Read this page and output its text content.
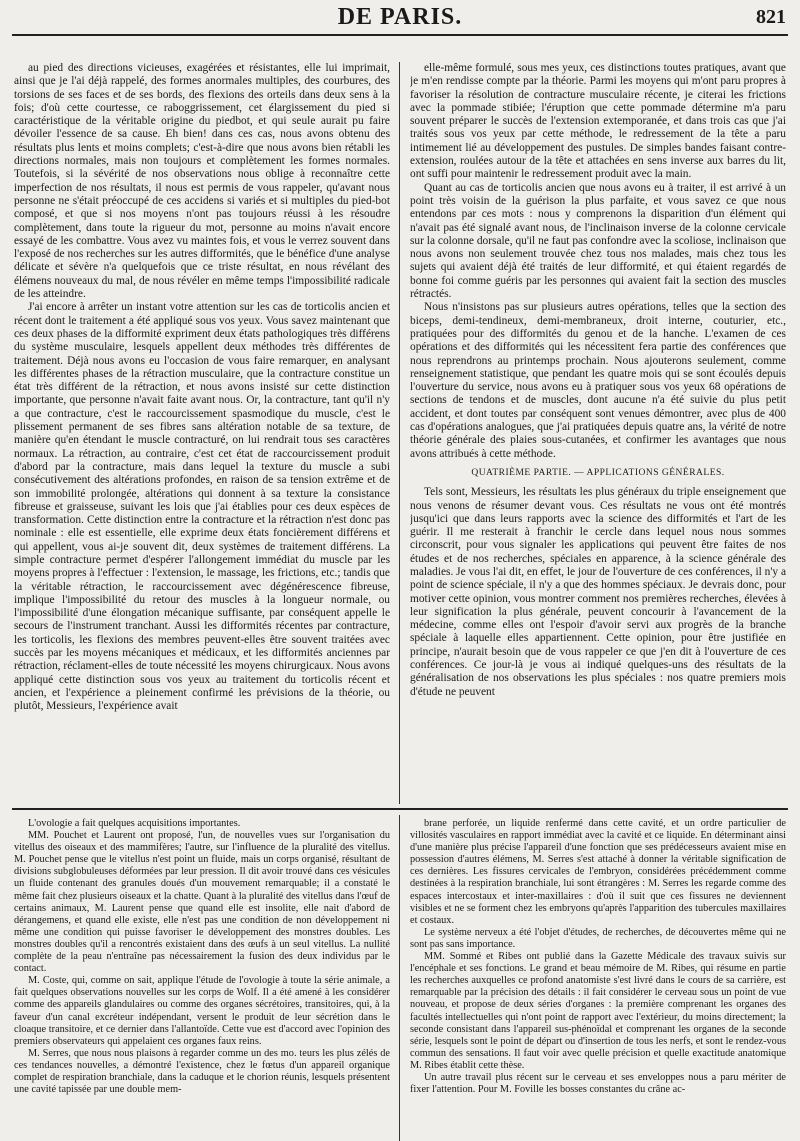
DE PARIS.	821

au pied des directions vicieuses, exagérées et résistantes, elle lui imprimait, ainsi que je l'ai déjà rappelé, des formes anormales multiples, des courbures, des torsions de ses faces et de ses bords, des flexions des orteils dans deux sens à la fois; d'où cette courtesse, ce raboggrissement, cet élargissement du pied si caractéristique de la véritable origine du piedbot, et qui seule aurait pu faire dévoiler l'essence de sa cause. Eh bien! dans ces cas, nous avons obtenu des résultats plus lents et moins complets; c'est-à-dire que nous avons bien rétabli les directions normales, mais non toujours et complètement les formes normales. Toutefois, si la sévérité de nos observations nous oblige à reconnaître cette imperfection de nos résultats, il nous est permis de vous rappeler, qu'avant nous personne ne s'était préoccupé de ces accidens si variés et si multiples du pied-bot composé, et que si nos moyens n'ont pas toujours réussi à les résoudre complètement, dans toute la rigueur du mot, personne au moins n'avait encore essayé de les combattre. Vous avez vu maintes fois, et vous le verrez souvent dans l'exposé de nos recherches sur les autres difformités, que le bénéfice d'une analyse délicate et sévère n'a quelquefois que ce triste résultat, en nous révélant des élémens nouveaux du mal, de nous révéler en même temps l'impossibilité radicale de les atteindre.

J'ai encore à arrêter un instant votre attention sur les cas de torticolis ancien et récent dont le traitement a été appliqué sous vos yeux. Vous savez maintenant que ces deux phases de la difformité expriment deux états pathologiques très différens du système musculaire, lesquels appellent deux méthodes très différentes de traitement. Déjà nous avons eu l'occasion de vous faire remarquer, en analysant les différentes phases de la rétraction musculaire, que la contracture constitue un état très différent de la rétraction, et nous avons insisté sur cette distinction importante, que personne n'avait faite avant nous. Or, la contracture, tant qu'il n'y a que contracture, c'est le raccourcissement spasmodique du muscle, c'est le plissement permanent de ses fibres sans altération notable de sa texture, de manière qu'en étendant le muscle contracturé, on lui rendrait tous ses caractères normaux. La rétraction, au contraire, c'est cet état de raccourcissement produit d'abord par la contracture, mais dans lequel la texture du muscle a subi consécutivement des altérations profondes, en raison de sa tension extrême et de son immobilité prolongée, altérations qui donnent à sa texture la consistance fibreuse et graisseuse, suivant les lois que j'ai établies pour ces deux espèces de transformation. Cette distinction entre la contracture et la rétraction n'est donc pas nominale : elle est essentielle, elle exprime deux états foncièrement différens et qui appellent, vous ai-je souvent dit, deux systèmes de traitement différens. La simple contracture permet d'espérer l'allongement immédiat du muscle par les moyens propres à l'effectuer : l'extension, le massage, les frictions, etc.; tandis que la véritable rétraction, le raccourcissement avec dégénérescence fibreuse, implique l'impossibilité du retour des muscles à la longueur normale, ou l'impossibilité d'une élongation mécanique suffisante, par conséquent appelle le secours de l'instrument tranchant. Aussi les difformités récentes par contracture, les torticolis, les flexions des membres peuvent-elles être souvent traitées avec succès par les moyens mécaniques et médicaux, et les difformités anciennes par rétraction, réclament-elles de toute nécessité les moyens chirurgicaux. Nous avons appliqué cette distinction sous vos yeux au traitement du torticolis récent et ancien, et l'expérience a pleinement confirmé les prévisions de la théorie, ou plutôt, Messieurs, l'expérience avait

elle-même formulé, sous mes yeux, ces distinctions toutes pratiques, avant que je m'en rendisse compte par la théorie. Parmi les moyens qui m'ont paru propres à favoriser la résolution de contracture musculaire récente, je citerai les frictions avec la pommade stibiée; l'éruption que cette pommade détermine m'a paru souvent préparer le succès de l'extension extemporanée, et dans trois cas que j'ai traités sous vos yeux par cette méthode, le redressement de la tête a paru intimement lié au développement des pustules. De simples bandes faisant contre-extension, roulées autour de la tête et attachées en sens inverse aux barres du lit, ont suffi pour maintenir le redressement produit avec la main.

Quant au cas de torticolis ancien que nous avons eu à traiter, il est arrivé à un point très voisin de la guérison la plus parfaite, et vous savez ce que nous entendons par ces mots : nous y comprenons la disparition d'un élément qui n'avait pas été signalé avant nous, de l'inclinaison inverse de la colonne cervicale sur la colonne dorsale, qu'il ne faut pas confondre avec la scoliose, inclinaison que nous avons non seulement trouvée chez tous nos malades, mais chez tous les sujets qui avaient déjà été traités de leur difformité, et qui étaient regardés de bonne foi comme guéris par les personnes qui avaient fait la section des muscles rétractés.

Nous n'insistons pas sur plusieurs autres opérations, telles que la section des biceps, demi-tendineux, demi-membraneux, droit interne, couturier, etc., pratiquées pour des difformités du genou et de la hanche. L'examen de ces opérations et des difformités qui les nécessitent fera partie des conférences que nous reprendrons au printemps prochain. Nous ajouterons seulement, comme renseignement statistique, que pendant les quatre mois qui se sont écoulés depuis l'ouverture du service, nous avons eu à pratiquer sous vos yeux 68 opérations de sections de tendons et de muscles, dont aucune n'a été suivie du plus petit accident, et dont toutes par conséquent sont venues démontrer, avec plus de 400 cas d'opérations analogues, que j'ai pratiquées depuis quatre ans, la vérité de notre théorie générale des plaies sous-cutanées, et confirmer les avantages que nous avons attribués à cette méthode.

QUATRIÈME PARTIE. — APPLICATIONS GÉNÉRALES.

Tels sont, Messieurs, les résultats les plus généraux du triple enseignement que nous venons de résumer devant vous. Ces résultats ne vous ont été montrés jusqu'ici que dans leurs rapports avec la science des difformités et l'art de les guérir. Il me resterait à franchir le cercle dans lequel nous nous sommes circonscrit, pour vous signaler les applications qui peuvent être faites de nos études et de nos recherches, spéciales en apparence, à la science générale des maladies. Je vous l'ai dit, en effet, le jour de l'ouverture de ces conférences, il n'y a point de science spéciale, il n'y a que des hommes spéciaux. Je devrais donc, pour motiver cette opinion, vous montrer comment nos premières recherches, élevées à leur signification la plus générale, peuvent concourir à l'avancement de la médecine, comme elles ont l'espoir d'avoir servi aux progrès de la branche spéciale à laquelle elles appartiennent. Cette opinion, pour être justifiée en principe, n'aurait besoin que de vous rappeler ce que j'en dit à l'ouverture de ces conférences. Ce jour-là je vous ai indiqué quelques-uns des résultats de la généralisation de nos observations les plus spéciales : nos quatre premiers mois d'étude ne peuvent

L'ovologie a fait quelques acquisitions importantes.

MM. Pouchet et Laurent ont proposé, l'un, de nouvelles vues sur l'organisation du vitellus des oiseaux et des mammifères; l'autre, sur l'influence de la pluralité des vitellus. M. Pouchet pense que le vitellus n'est point un fluide, mais un corps organisé, résultant de divisions subglobuleuses déformées par leur pression. Il dit avoir trouvé dans ces vésicules un fluide contenant des granules doués d'un mouvement remarquable; il a constaté le même fait chez plusieurs oiseaux et la chatte. Quant à la pluralité des vitellus dans l'œuf de certains animaux, M. Laurent pense que quand elle est insolite, elle nait d'abord de dérangemens, et quand elle existe, elle n'est pas une condition de non développement ni même une condition qui puisse favoriser le développement des monstres doubles. Les monstres doubles qu'il a rencontrés existaient dans des œufs à un seul vitellus. La nullité complète de la peau n'entraîne pas nécessairement la fusion des deux individus par le contact.

M. Coste, qui, comme on sait, applique l'étude de l'ovologie à toute la série animale, a fait quelques observations nouvelles sur les corps de Wolf. Il a été amené à les considérer comme des appareils glandulaires ou comme des organes sécrétoires, transitoires, qui, à la faveur d'un canal excréteur indépendant, versent le produit de leur sécrétion dans le cloaque transitoire, et ce dernier dans l'allantoïde. Cette vue est d'accord avec l'opinion des premiers observateurs qui appelaient ces organes faux reins.

M. Serres, que nous nous plaisons à regarder comme un des mo. teurs les plus zélés de ces tendances nouvelles, a démontré l'existence, chez le fœtus d'un appareil organique complet de respiration branchiale, dans la caduque et le chorion réunis, lesquels présentent une cavité tapissée par une double mem-

brane perforée, un liquide renfermé dans cette cavité, et un ordre particulier de villosités vasculaires en rapport immédiat avec la cavité et ce liquide. En déterminant ainsi d'une manière plus précise l'appareil d'une fonction que ses prédécesseurs avaient mise en possession d'autres élémens, M. Serres s'est attaché à donner la véritable signification de ces dernières. Les fissures cervicales de l'embryon, considérées précédemment comme destinées à la respiration branchiale, lui sont étrangères : M. Serres les regarde comme des espaces intercostaux et inter-maxillaires : d'où il suit que ces fissures ne deviennent visibles et ne se forment chez les embryons qu'après l'apparition des tubercules maxillaires et costaux.

Le système nerveux a été l'objet d'études, de recherches, de découvertes même qui ne sont pas sans importance.

MM. Sommé et Ribes ont publié dans la Gazette Médicale des travaux suivis sur l'encéphale et ses fonctions. Le grand et beau mémoire de M. Ribes, qui résume en partie les recherches auxquelles ce profond anatomiste s'est livré dans le cours de sa carrière, est remarquable par la précision des détails : il fait considérer le cerveau sous un point de vue nouveau, et propose de deux séries d'organes : la première comprenant les organes des facultés intellectuelles qui n'ont point de rapport avec l'extérieur, du moins directement; la seconde consistant dans l'appareil sus-phénoïdal et comprenant les organes de la seconde série, lesquels sont le point de départ ou d'insertion de tous les nerfs, et sont le rendez-vous commun des sensations. Il faut voir avec quelle précision et quelle exactitude anatomique M. Ribes établit cette thèse.

Un autre travail plus récent sur le cerveau et ses enveloppes nous a paru mériter de fixer l'attention. Pour M. Foville les bosses constantes du crâne ac-
